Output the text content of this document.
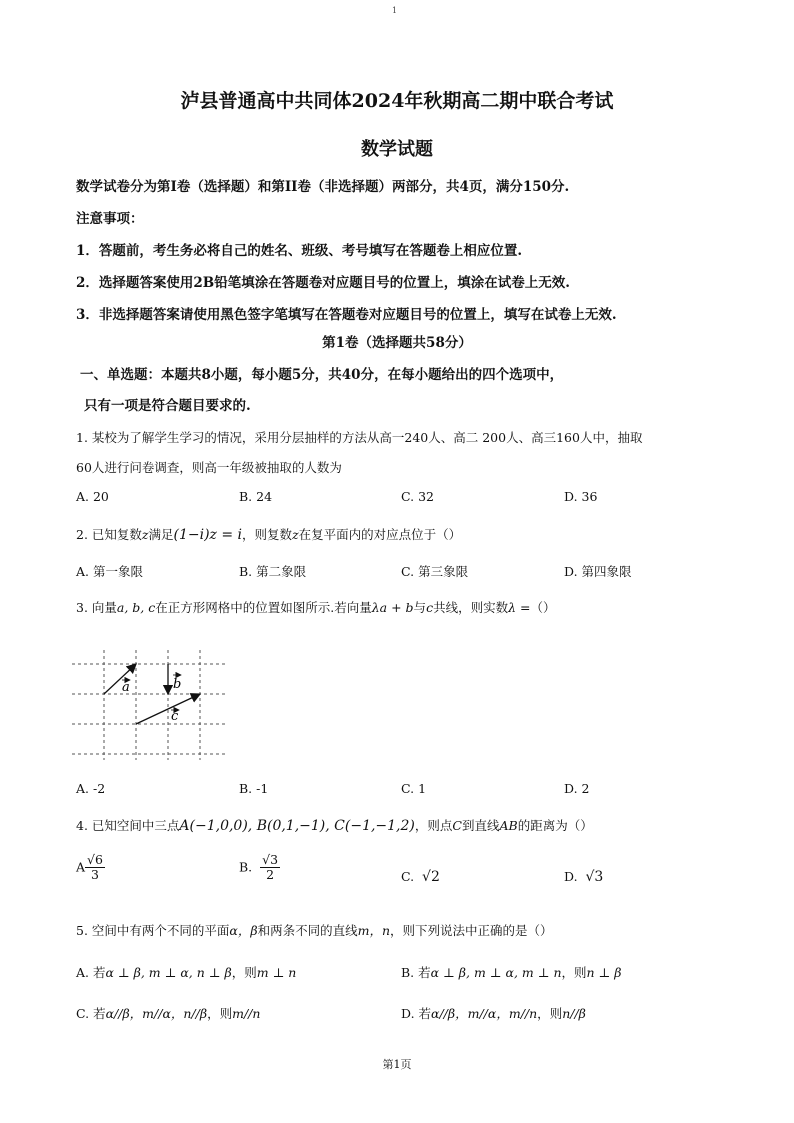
1
泸县普通高中共同体2024年秋期高二期中联合考试
数学试题
数学试卷分为第I卷（选择题）和第II卷（非选择题）两部分，共4页，满分150分.
注意事项：
1．答题前，考生务必将自己的姓名、班级、考号填写在答题卷上相应位置.
2．选择题答案使用2B铅笔填涂在答题卷对应题目号的位置上，填涂在试卷上无效.
3．非选择题答案请使用黑色签字笔填写在答题卷对应题目号的位置上，填写在试卷上无效.
第1卷（选择题共58分）
一、单选题：本题共8小题，每小题5分，共40分，在每小题给出的四个选项中，
只有一项是符合题目要求的.
1. 某校为了解学生学习的情况，采用分层抽样的方法从高一240人、高二 200人、高三160人中，抽取
60人进行问卷调查，则高一年级被抽取的人数为
A. 20	B. 24	C. 32	D. 36
2. 已知复数z满足(1−i)z = i，则复数z在复平面内的对应点位于（）
A. 第一象限	B. 第二象限	C. 第三象限	D. 第四象限
3. 向量a, b, c在正方形网格中的位置如图所示.若向量λa + b与c共线，则实数λ =（）
a	b
c
A. -2	B. -1	C. 1	D. 2
4. 已知空间中三点A(−1,0,0), B(0,1,−1), C(−1,−1,2)，则点C到直线AB的距离为（）
A $\frac{√6}{3}$	B. $\frac{√3}{2}$	C. √2	D. √3
5. 空间中有两个不同的平面α，β和两条不同的直线m，n，则下列说法中正确的是（）
A. 若α ⊥ β, m ⊥ α, n ⊥ β，则m ⊥ n	B. 若α ⊥ β, m ⊥ α, m ⊥ n，则n ⊥ β
C. 若α//β，m//α，n//β，则m//n	D. 若α//β，m//α，m//n，则n//β
第1页
